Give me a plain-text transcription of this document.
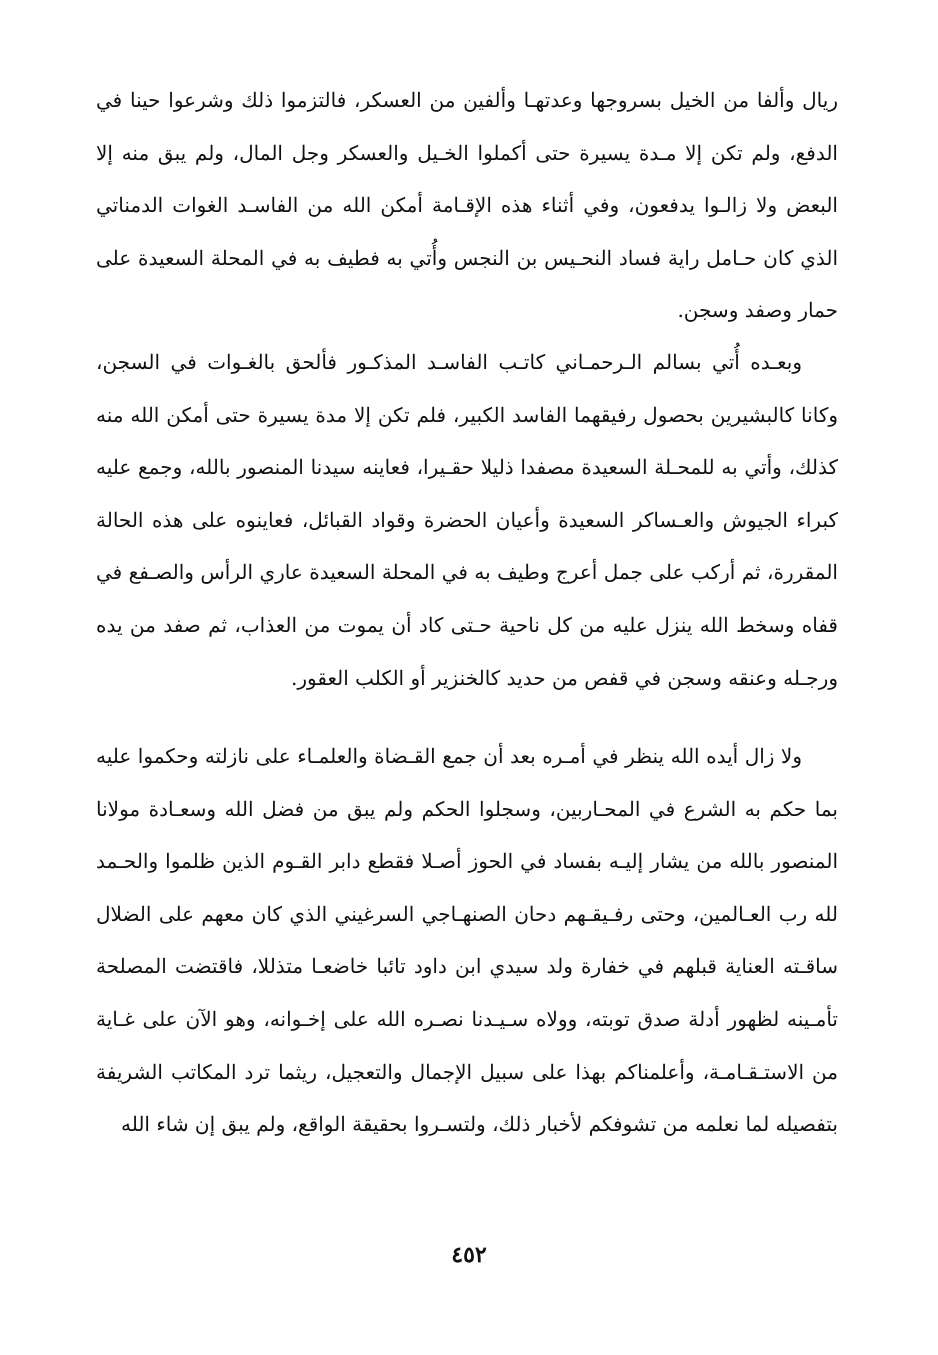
ريال وألفا من الخيل بسروجها وعدتهـا وألفين من العسكر، فالتزموا ذلك وشرعوا حينا في الدفع، ولم تكن إلا مـدة يسيرة حتى أكملوا الخـيل والعسكر وجل المال، ولم يبق منه إلا البعض ولا زالـوا يدفعون، وفي أثناء هذه الإقـامة أمكن الله من الفاسـد الغوات الدمناتي الذي كان حـامل راية فساد النحـيس بن النجس وأُتي به فطيف به في المحلة السعيدة على حمار وصفد وسجن.

وبعـده أُتي بسالم الـرحمـاني كاتـب الفاسـد المذكـور فألحق بالغـوات في السجن، وكانا كالبشيرين بحصول رفيقهما الفاسد الكبير، فلم تكن إلا مدة يسيرة حتى أمكن الله منه كذلك، وأتي به للمحـلة السعيدة مصفدا ذليلا حقـيرا، فعاينه سيدنا المنصور بالله، وجمع عليه كبراء الجيوش والعـساكر السعيدة وأعيان الحضرة وقواد القبائل، فعاينوه على هذه الحالة المقررة، ثم أركب على جمل أعرج وطيف به في المحلة السعيدة عاري الرأس والصـفع في قفاه وسخط الله ينزل عليه من كل ناحية حـتى كاد أن يموت من العذاب، ثم صفد من يده ورجـله وعنقه وسجن في قفص من حديد كالخنزير أو الكلب العقور.

ولا زال أيده الله ينظر في أمـره بعد أن جمع القـضاة والعلمـاء على نازلته وحكموا عليه بما حكم به الشرع في المحـاربين، وسجلوا الحكم ولم يبق من فضل الله وسعـادة مولانا المنصور بالله من يشار إليـه بفساد في الحوز أصـلا فقطع دابر القـوم الذين ظلموا والحـمد لله رب العـالمين، وحتى رفـيقـهم دحان الصنهـاجي السرغيني الذي كان معهم على الضلال ساقـته العناية قبلهم في خفارة ولد سيدي ابن داود تائبا خاضعـا متذللا، فاقتضت المصلحة تأمـينه لظهور أدلة صدق توبته، وولاه سـيـدنا نصـره الله على إخـوانه، وهو الآن على غـاية من الاستـقـامـة، وأعلمناكم بهذا على سبيل الإجمال والتعجيل، ريثما ترد المكاتب الشريفة بتفصيله لما نعلمه من تشوفكم لأخبار ذلك، ولتسـروا بحقيقة الواقع، ولم يبق إن شاء الله

٤٥٢
